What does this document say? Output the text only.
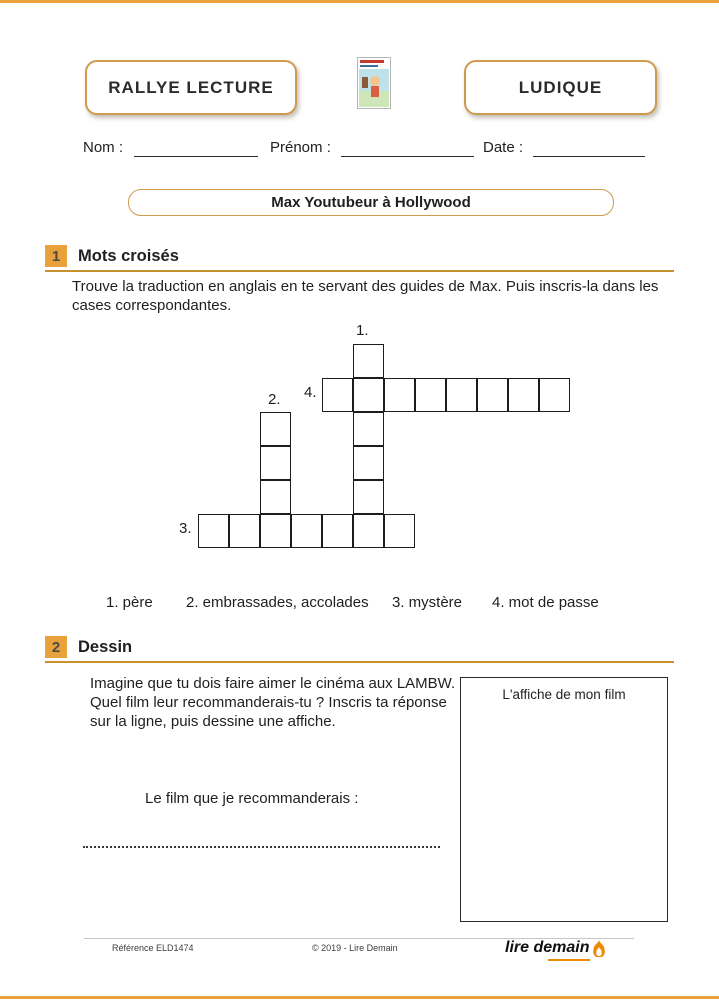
RALLYE LECTURE	LUDIQUE
Nom :	Prénom :	Date :
Max Youtubeur à Hollywood
1 Mots croisés
Trouve la traduction en anglais en te servant des guides de Max. Puis inscris-la dans les cases correspondantes.
1.
2.
3.
4.
1. père 2. embrassades, accolades 3. mystère 4. mot de passe
2 Dessin
Imagine que tu dois faire aimer le cinéma aux LAMBW. Quel film leur recommanderais-tu ? Inscris ta réponse sur la ligne, puis dessine une affiche.
Le film que je recommanderais :
L'affiche de mon film
Référence ELD1474	© 2019 - Lire Demain	lire demain
